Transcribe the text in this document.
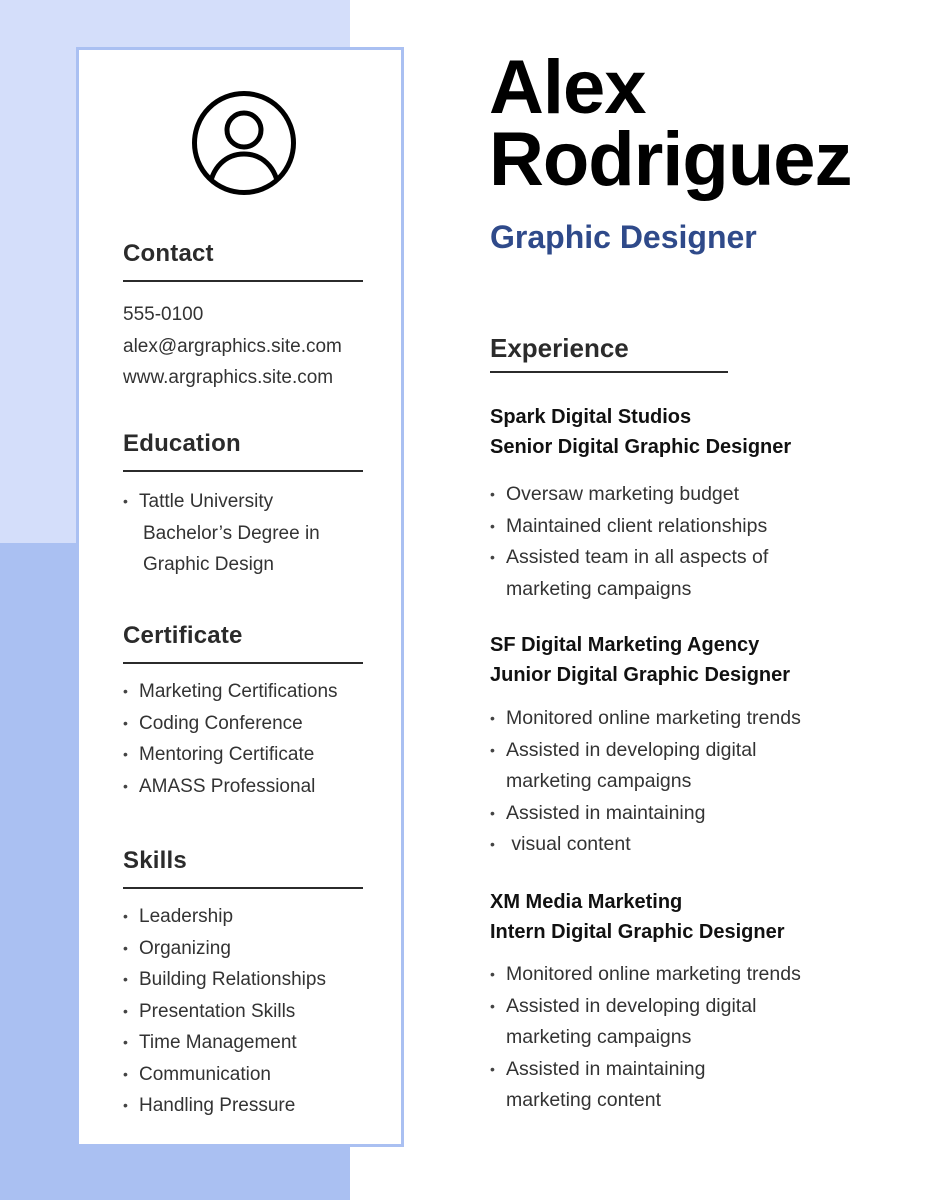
Contact
555-0100
alex@argraphics.site.com
www.argraphics.site.com
Education
• Tattle University
Bachelor’s Degree in
Graphic Design
Certificate
• Marketing Certifications
• Coding Conference
• Mentoring Certificate
• AMASS Professional
Skills
• Leadership
• Organizing
• Building Relationships
• Presentation Skills
• Time Management
• Communication
• Handling Pressure
Alex
Rodriguez
Graphic Designer
Experience
Spark Digital Studios
Senior Digital Graphic Designer
• Oversaw marketing budget
• Maintained client relationships
• Assisted team in all aspects of
marketing campaigns
SF Digital Marketing Agency
Junior Digital Graphic Designer
• Monitored online marketing trends
• Assisted in developing digital
marketing campaigns
• Assisted in maintaining
•  visual content
XM Media Marketing
Intern Digital Graphic Designer
• Monitored online marketing trends
• Assisted in developing digital
marketing campaigns
• Assisted in maintaining
marketing content
